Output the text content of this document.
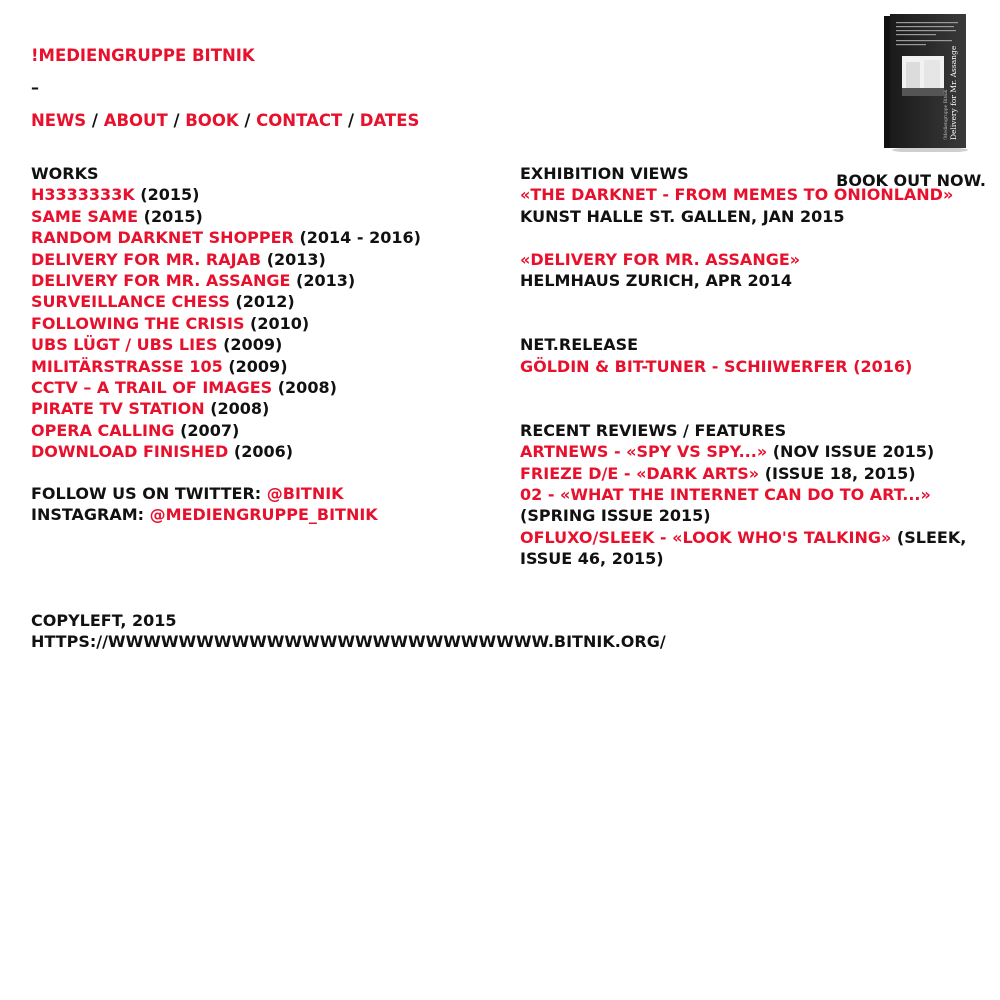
!MEDIENGRUPPE BITNIK
–
NEWS / ABOUT / BOOK / CONTACT / DATES
WORKS
H3333333K (2015)
SAME SAME (2015)
RANDOM DARKNET SHOPPER (2014 - 2016)
DELIVERY FOR MR. RAJAB (2013)
DELIVERY FOR MR. ASSANGE (2013)
SURVEILLANCE CHESS (2012)
FOLLOWING THE CRISIS (2010)
UBS LÜGT / UBS LIES (2009)
MILITÄRSTRASSE 105 (2009)
CCTV – A TRAIL OF IMAGES (2008)
PIRATE TV STATION (2008)
OPERA CALLING (2007)
DOWNLOAD FINISHED (2006)
FOLLOW US ON TWITTER: @BITNIK
INSTAGRAM: @MEDIENGRUPPE_BITNIK
COPYLEFT, 2015
HTTPS://WWWWWWWWWWWWWWWWWWWWWWWWW.BITNIK.ORG/
EXHIBITION VIEWS
«THE DARKNET - FROM MEMES TO ONIONLAND»
KUNST HALLE ST. GALLEN, JAN 2015
«DELIVERY FOR MR. ASSANGE»
HELMHAUS ZURICH, APR 2014
NET.RELEASE
GÖLDIN & BIT-TUNER - SCHIIWERFER (2016)
RECENT REVIEWS / FEATURES
ARTNEWS - «SPY VS SPY...» (NOV ISSUE 2015)
FRIEZE D/E - «DARK ARTS» (ISSUE 18, 2015)
02 - «WHAT THE INTERNET CAN DO TO ART...» (SPRING ISSUE 2015)
OFLUXO/SLEEK - «LOOK WHO'S TALKING» (SLEEK, ISSUE 46, 2015)
Delivery for Mr. Assange
!Mediengruppe Bitnik
BOOK OUT NOW.
